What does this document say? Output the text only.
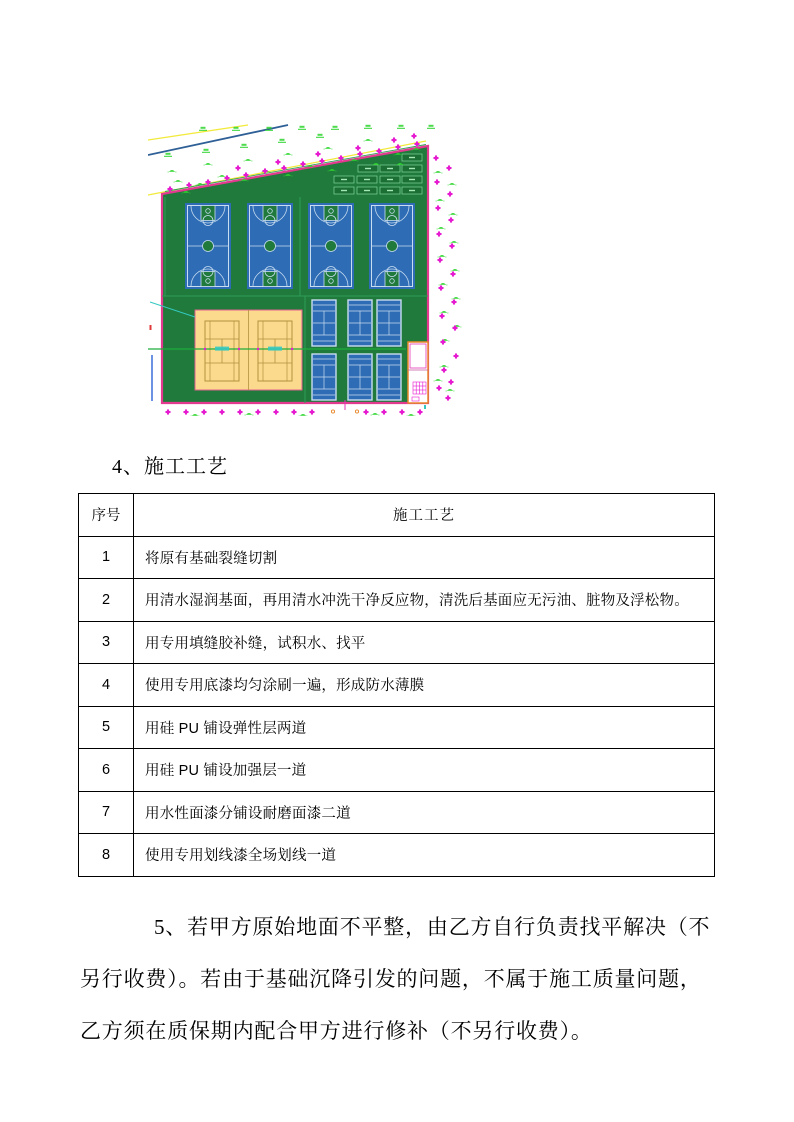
4、施工工艺
序号	施工工艺
1	将原有基础裂缝切割
2	用清水湿润基面，再用清水冲洗干净反应物，清洗后基面应无污油、脏物及浮松物。
3	用专用填缝胶补缝，试积水、找平
4	使用专用底漆均匀涂刷一遍，形成防水薄膜
5	用硅 PU 铺设弹性层两道
6	用硅 PU 铺设加强层一道
7	用水性面漆分铺设耐磨面漆二道
8	使用专用划线漆全场划线一道
5、若甲方原始地面不平整，由乙方自行负责找平解决（不
另行收费）。若由于基础沉降引发的问题，不属于施工质量问题，
乙方须在质保期内配合甲方进行修补（不另行收费）。
